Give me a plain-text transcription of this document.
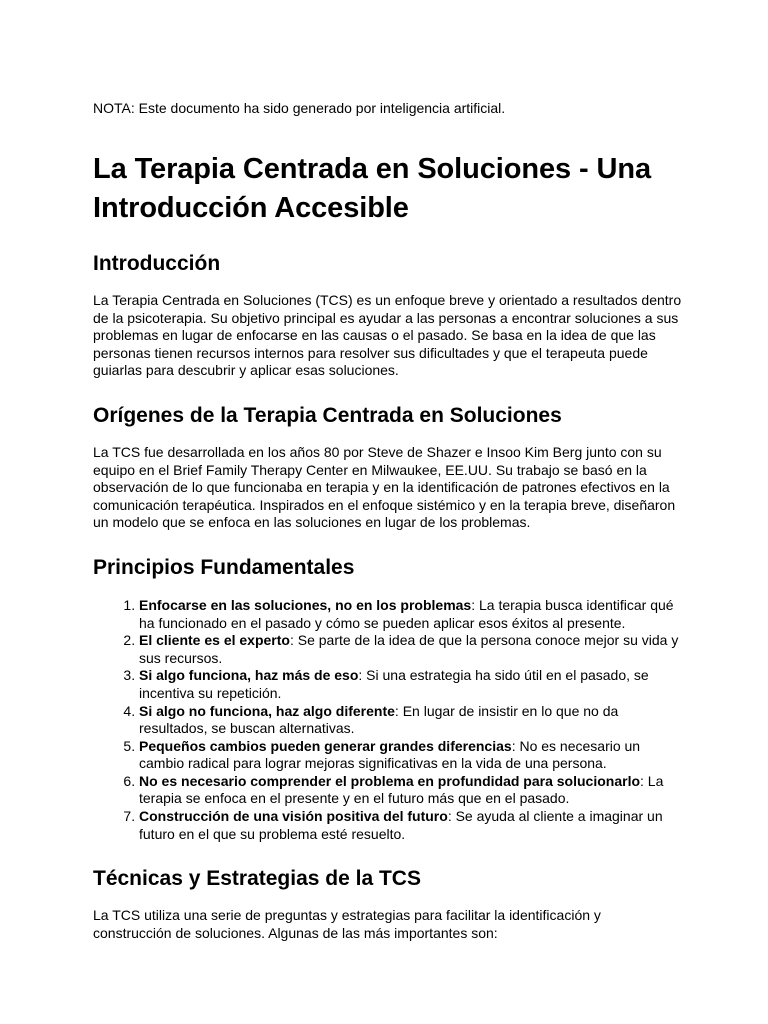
NOTA: Este documento ha sido generado por inteligencia artificial.

La Terapia Centrada en Soluciones - Una Introducción Accesible
Introducción

La Terapia Centrada en Soluciones (TCS) es un enfoque breve y orientado a resultados dentro de la psicoterapia. Su objetivo principal es ayudar a las personas a encontrar soluciones a sus problemas en lugar de enfocarse en las causas o el pasado. Se basa en la idea de que las personas tienen recursos internos para resolver sus dificultades y que el terapeuta puede guiarlas para descubrir y aplicar esas soluciones.

Orígenes de la Terapia Centrada en Soluciones

La TCS fue desarrollada en los años 80 por Steve de Shazer e Insoo Kim Berg junto con su equipo en el Brief Family Therapy Center en Milwaukee, EE.UU. Su trabajo se basó en la observación de lo que funcionaba en terapia y en la identificación de patrones efectivos en la comunicación terapéutica. Inspirados en el enfoque sistémico y en la terapia breve, diseñaron un modelo que se enfoca en las soluciones en lugar de los problemas.

Principios Fundamentales
1. Enfocarse en las soluciones, no en los problemas: La terapia busca identificar qué ha funcionado en el pasado y cómo se pueden aplicar esos éxitos al presente.
2. El cliente es el experto: Se parte de la idea de que la persona conoce mejor su vida y sus recursos.
3. Si algo funciona, haz más de eso: Si una estrategia ha sido útil en el pasado, se incentiva su repetición.
4. Si algo no funciona, haz algo diferente: En lugar de insistir en lo que no da resultados, se buscan alternativas.
5. Pequeños cambios pueden generar grandes diferencias: No es necesario un cambio radical para lograr mejoras significativas en la vida de una persona.
6. No es necesario comprender el problema en profundidad para solucionarlo: La terapia se enfoca en el presente y en el futuro más que en el pasado.
7. Construcción de una visión positiva del futuro: Se ayuda al cliente a imaginar un futuro en el que su problema esté resuelto.
Técnicas y Estrategias de la TCS

La TCS utiliza una serie de preguntas y estrategias para facilitar la identificación y construcción de soluciones. Algunas de las más importantes son:
